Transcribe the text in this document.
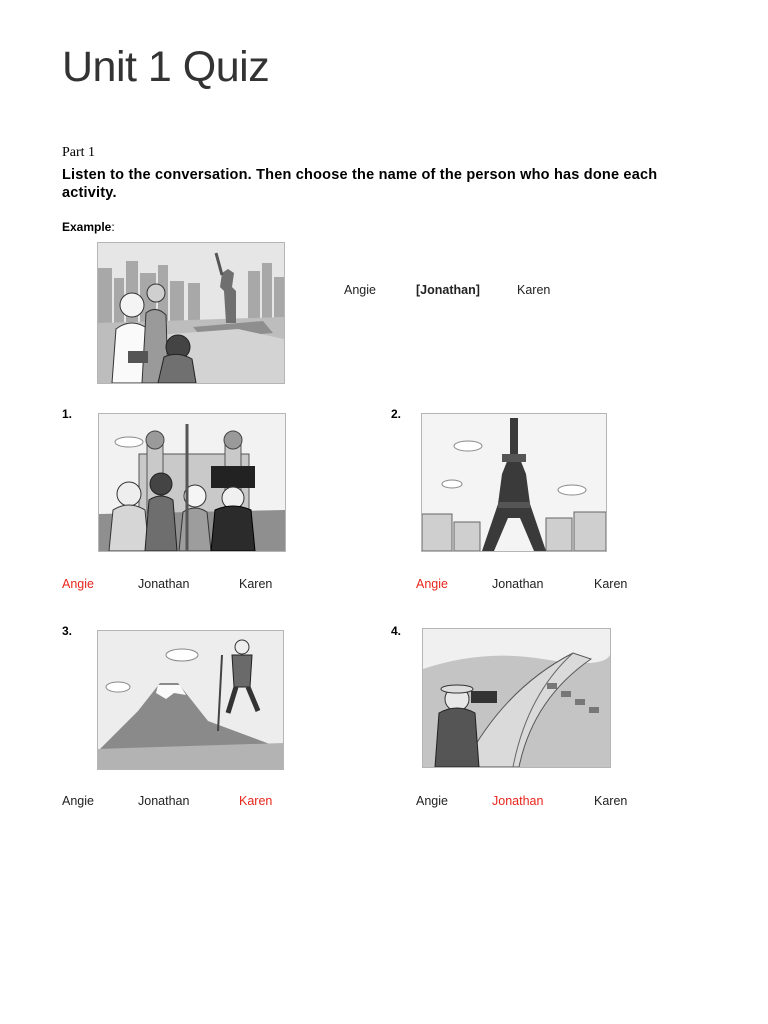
Unit 1 Quiz
Part 1
Listen to the conversation. Then choose the name of the person who has done each activity.
Example:
Angie	[Jonathan]	Karen
1.
Angie	Jonathan	Karen
2.
Angie	Jonathan	Karen
3.
Angie	Jonathan	Karen
4.
Angie	Jonathan	Karen
